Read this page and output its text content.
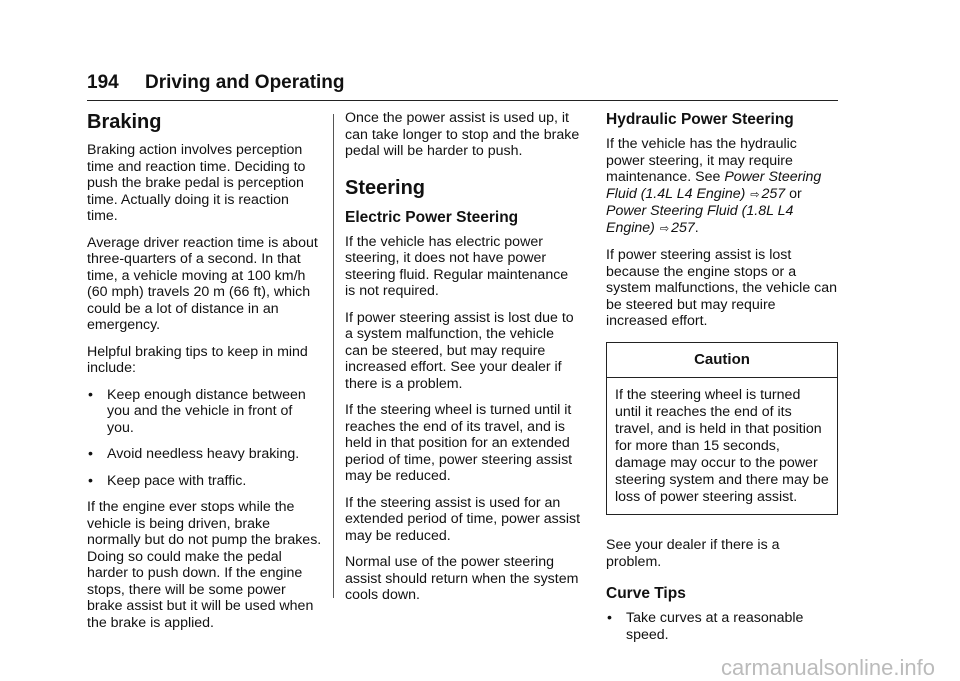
194 Driving and Operating
Braking

Braking action involves perception time and reaction time. Deciding to push the brake pedal is perception time. Actually doing it is reaction time.

Average driver reaction time is about three-quarters of a second. In that time, a vehicle moving at 100 km/h (60 mph) travels 20 m (66 ft), which could be a lot of distance in an emergency.

Helpful braking tips to keep in mind include:

• Keep enough distance between you and the vehicle in front of you.
• Avoid needless heavy braking.
• Keep pace with traffic.

If the engine ever stops while the vehicle is being driven, brake normally but do not pump the brakes. Doing so could make the pedal harder to push down. If the engine stops, there will be some power brake assist but it will be used when the brake is applied.

Once the power assist is used up, it can take longer to stop and the brake pedal will be harder to push.

Steering
Electric Power Steering

If the vehicle has electric power steering, it does not have power steering fluid. Regular maintenance is not required.

If power steering assist is lost due to a system malfunction, the vehicle can be steered, but may require increased effort. See your dealer if there is a problem.

If the steering wheel is turned until it reaches the end of its travel, and is held in that position for an extended period of time, power steering assist may be reduced.

If the steering assist is used for an extended period of time, power assist may be reduced.

Normal use of the power steering assist should return when the system cools down.

Hydraulic Power Steering

If the vehicle has the hydraulic power steering, it may require maintenance. See Power Steering Fluid (1.4L L4 Engine) ⇨ 257 or Power Steering Fluid (1.8L L4 Engine) ⇨ 257.

If power steering assist is lost because the engine stops or a system malfunctions, the vehicle can be steered but may require increased effort.

Caution
If the steering wheel is turned until it reaches the end of its travel, and is held in that position for more than 15 seconds, damage may occur to the power steering system and there may be loss of power steering assist.

See your dealer if there is a problem.

Curve Tips
• Take curves at a reasonable speed.
carmanualsonline.info
